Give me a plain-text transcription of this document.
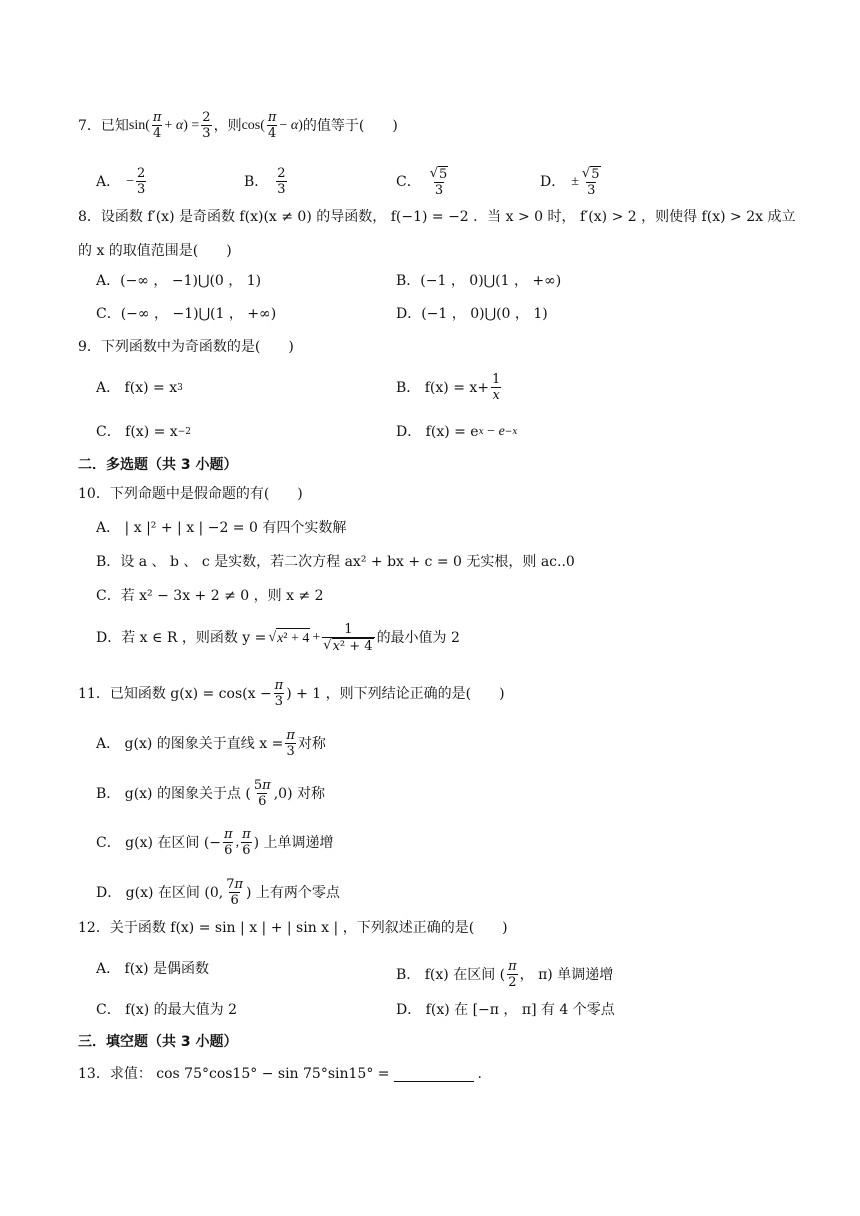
7．已知 $\sin( \frac{\pi}{4} + \alpha) = \frac{2}{3}$ ，则 $\cos( \frac{\pi}{4} - \alpha)$ 的值等于(　　)
A． − $\frac{2}{3}$	B． $\frac{2}{3}$	C． $\frac{√ 5}{3}$	D． ± $\frac{√ 5}{3}$
8．设函数 f′(x) 是奇函数 f(x)(x ≠ 0) 的导函数， f(−1) = −2 ．当 x > 0 时， f′(x) > 2 ，则使得 f(x) > 2x 成立
的 x 的取值范围是(　　)
A．(−∞ ， −1)⋃(0 ， 1)	B．(−1 ， 0)⋃(1 ， +∞)
C．(−∞ ， −1)⋃(1 ， +∞)	D．(−1 ， 0)⋃(0 ， 1)
9．下列函数中为奇函数的是(　　)
A． f(x) = x 3	B． $f(x) = x+ \frac{1}{x}$
C． f(x) = x −2	D． f(x) = e x − e −x
二．多选题（共 3 小题）
10．下列命题中是假命题的有(　　)
A． | x |² + | x | −2 = 0 有四个实数解
B．设 a 、 b 、 c 是实数，若二次方程 ax² + bx + c = 0 无实根，则 ac..0
C．若 x² − 3x + 2 ≠ 0 ，则 x ≠ 2
D．若 x ∈ R ，则函数 y = √ $x^2 + 4 + \frac{1}{\text{√ x² + 4}}$ 的最小值为 2
11．已知函数 $g(x) = \cos(x - \frac{\pi}{3}$ ) + 1 ，则下列结论正确的是(　　)
A． g(x) 的图象关于直线 $x = \frac{\pi}{3}$ 对称
B． g(x) 的图象关于点 ( $\frac{5\pi}{6} ,0$) 对称
C． g(x) 在区间 (− $\frac{\pi}{6}$ , $\frac{\pi}{6}$ ) 上单调递增
D． g(x) 在区间 (0, $\frac{7\pi}{6}$ ) 上有两个零点
12．关于函数 f(x) = sin | x | + | sin x | ，下列叙述正确的是(　　)
A． f(x) 是偶函数	B． f(x) 在区间 ( $\frac{\pi}{2}$ ， π) 单调递增
C． f(x) 的最大值为 2	D． f(x) 在 [−π ， π] 有 4 个零点
三．填空题（共 3 小题）
13．求值： cos 75°cos15° − sin 75°sin15° =	.
